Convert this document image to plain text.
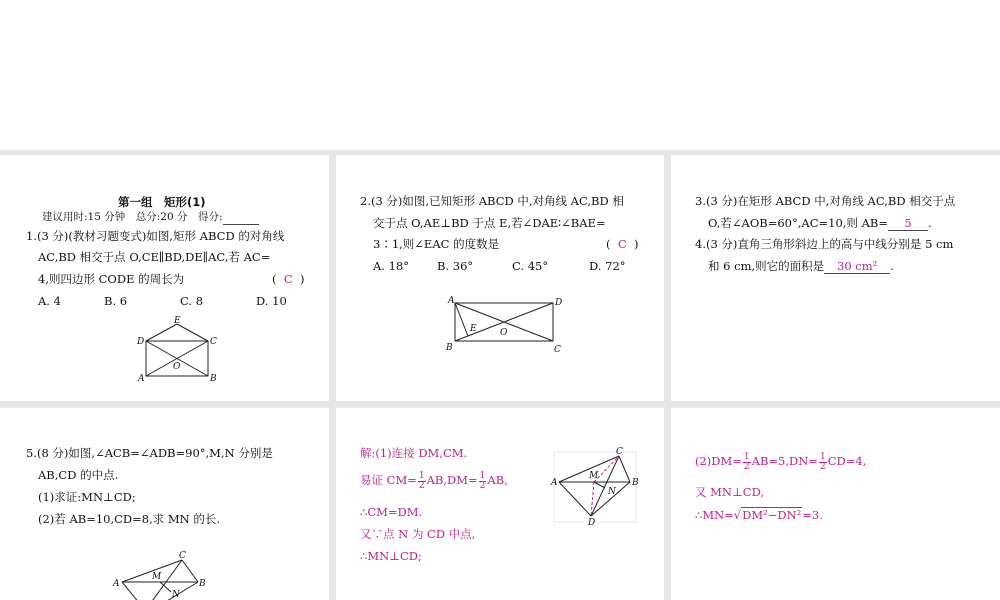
第一组　矩形(1)
建议用时:15 分钟　总分:20 分　得分:
1.(3 分)(教材习题变式)如图,矩形 ABCD 的对角线
AC,BD 相交于点 O,CE∥BD,DE∥AC,若 AC=
4,则四边形 CODE 的周长为	( C )
A. 4	B. 6	C. 8	D. 10
E
D	C
O
A	B
2.(3 分)如图,已知矩形 ABCD 中,对角线 AC,BD 相
交于点 O,AE⊥BD 于点 E,若∠DAE∶∠BAE=
3∶1,则∠EAC 的度数是	( C )
A. 18° B. 36°	C. 45°	D. 72°
A	D
E	O
B	C
3.(3 分)在矩形 ABCD 中,对角线 AC,BD 相交于点
O,若∠AOB=60°,AC=10,则 AB= 5 .
4.(3 分)直角三角形斜边上的高与中线分别是 5 cm
和 6 cm,则它的面积是 30 cm² .
5.(8 分)如图,∠ACB=∠ADB=90°,M,N 分别是
AB,CD 的中点.
(1)求证:MN⊥CD;
(2)若 AB=10,CD=8,求 MN 的长.
C
A
M
B
N
解:(1)连接 DM,CM.
易证 $CM= \frac{1}{2} AB,DM= \frac{1}{2}$ AB,
∴CM=DM.
又∵点 N 为 CD 中点,
∴MN⊥CD;
C
M
A
N
B
D
$(2)DM= \frac{1}{2} AB=5,DN= \frac{1}{2} CD=4$,
又 MN⊥CD,
∴MN=√DM²−DN²=3.
